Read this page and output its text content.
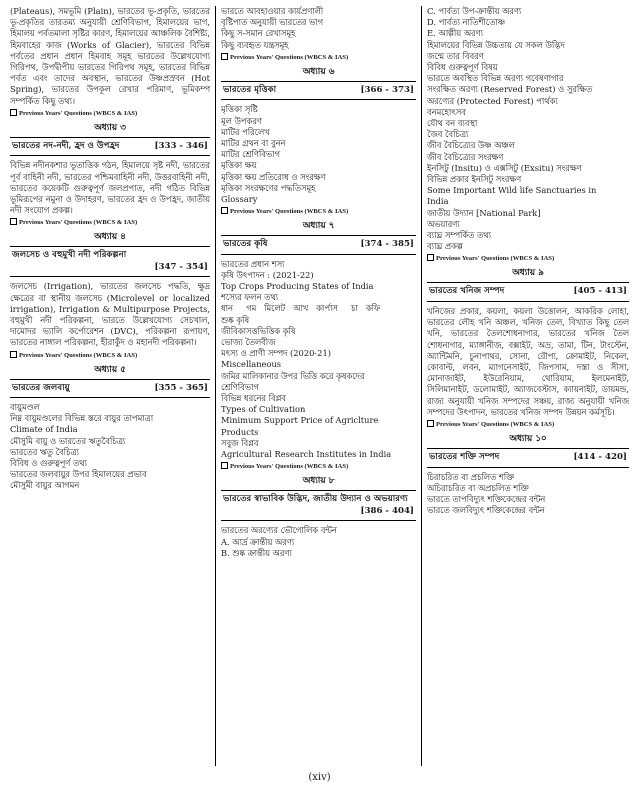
(Plateaus), সমভূমি (Plain), ভারতের ভূ-প্রকৃতি, ভারতের ভূ-প্রকৃতির তারতম্য অনুযায়ী শ্রেণিবিভাগ, হিমালয়ের ভাগ, হিমালয় পর্বতমালা সৃষ্টির কারণ, হিমালয়ের আঞ্চলিক বৈশিষ্ট্য, হিমবাহের কাজ (Works of Glacier), ভারতের বিভিন্ন পর্বতের প্রধান প্রধান হিমবাহ সমূহ ভারতের উল্লেখযোগ্য গিরিপথ, উপদ্বীপীয় ভারতের গিরিপথ সমূহ, ভারতের বিভিন্ন পর্বত এবং তাদের অবস্থান, ভারতের উষ্ণপ্রস্রবন (Hot Spring), ভারতের উপকূল রেখার পরিমাণ, ভূমিকম্প সম্পর্কিত কিছু তথ্য।
Previous Years' Questions (WBCS & IAS)
অধ্যায় ৩
ভারতের নদ-নদী, হ্রদ ও উপহ্রদ	[333 - 346]
বিভিন্ন নদীনকশার ভূতাত্তিক গঠন, হিমালয়ে সৃষ্ট নদী, ভারতের পূর্ব বাহিনী নদী, ভারতের পশ্চিমবাহিনী নদী, উত্তরবাহিনী নদী, ভারতের কয়েকটি গুরুত্বপূর্ণ জলপ্রপাত, নদী গঠিত বিভিন্ন ভূমিরূপের নমুনা ও উদাহরণ, ভারতের হ্রদ ও উপহ্রদ, জাতীয় নদী সংযোগ প্রকল্প।
Previous Years' Questions (WBCS & IAS)
অধ্যায় ৪
জলসেচ ও বহুমুখী নদী পরিকল্পনা
[347 - 354]
জলসেচ (Irrigation), ভারতের জলসেচ পদ্ধতি, ক্ষুদ্র ক্ষেত্রের বা স্থানীয় জলসেচ (Microlevel or localized irrigation), Irrigation & Multipurpose Projects, বহুমুখী নদী পরিকল্পনা, ভারতে উল্লেখযোগ্য সেচখাল, দামোদর ভ্যালি কর্পোরেশন (DVC), পরিকল্পনা রূপায়ণ, ভারতের নাঙ্গাল পরিকল্পনা, হীরাকুঁদ ও মহানদী পরিকল্পনা।
Previous Years' Questions (WBCS & IAS)
অধ্যায় ৫
ভারতের জলবায়ু	[355 - 365]
বায়ুমণ্ডল
নিম্ন বায়ুমণ্ডলের বিভিন্ন স্তরে বায়ুর তাপমাত্রা
Climate of India
মৌসুমি বায়ু ও ভারতের ঋতুবৈচিত্র্য
ভারতের ঋতু বৈচিত্র্য
বিবিধ ও গুরুত্বপূর্ণ তথ্য
ভারতের জলবায়ুর উপর হিমালয়ের প্রভাব
মৌসুমী বায়ুর আগমন
ভারতে আবহাওয়ার কার্যপ্রণালী
বৃষ্টিপাত অনুযায়ী ভারতের ভাগ
কিছু স-সমান রেখাসমূহ
কিছু ব্যবহৃত যন্ত্রসমূহ
Previous Years' Questions (WBCS & IAS)
অধ্যায় ৬
ভারতের মৃত্তিকা	[366 - 373]
মৃত্তিকা সৃষ্টি
মূল উপকরণ
মাটির পরিলেখ
মাটির গ্রথন বা বুনন
মাটির শ্রেণিবিভাগ
মৃত্তিকা ক্ষয়
মৃত্তিকা ক্ষয় প্রতিরোধ ও সংরক্ষণ
মৃত্তিকা সংরক্ষণের পদ্ধতিসমূহ
Glossary
Previous Years' Questions (WBCS & IAS)
অধ্যায় ৭
ভারতের কৃষি	[374 - 385]
ভারতের প্রধান শস্য
কৃষি উৎপাদন : (2021-22)
Top Crops Producing States of India
শস্যের ফলন তথ্য
ধান     গম   মিলেট   আখ   কার্পাস     চা   কফি
শুষ্ক কৃষি
জীবিকাসত্তভিত্তিক কৃষি
ভোজ্য তৈলবীজ
মৎস্য ও প্রাণী সম্পদ (2020-21)
Miscellaneous
জমির মালিকানার উপর ভিত্তি করে কৃষকদের
শ্রেণিবিভাগ
বিভিন্ন ধরনের বিপ্লব
Types of Cultivation
Minimum Support Price of Agriclture
Products
সবুজ বিপ্লব
Agricultural Research Institutes in India
Previous Years' Questions (WBCS & IAS)
অধ্যায় ৮
ভারতের স্বাভাবিক উদ্ভিদ, জাতীয় উদ্যান ও অভয়ারণ্য
[386 - 404]
ভারতের অরণ্যের ভৌগোলিক বন্টন
A. আর্দ্র ক্রান্তীয় অরণ্য
B. শুষ্ক ক্রান্তীয় অরণ্য
C. পার্বত্য উপ-ক্রান্তীয় অরণ্য
D. পার্বত্য নাতিশীতোষ্ণ
E. আল্পীয় অরণ্য
হিমালয়ের বিভিন্ন উচ্চতায় যে সকল উদ্ভিদ
জন্মে তার বিবরণ
বিবিধ গুরুত্বপূর্ণ বিষয়
ভারতে অবস্থিত বিভিন্ন অরণ্য গবেষণাগার
সংরক্ষিত অরণ্য (Reserved Forest) ও সুরক্ষিত
অরণ্যের (Protected Forest) পার্থক্য
বনমহোৎসব
যৌথ বন ব্যবস্থা
জৈব বৈচিত্র্য
জীব বৈচিত্র্যের উষ্ণ অঞ্চল
জীব বৈচিত্র্যের সংরক্ষণ
ইনসিটু (Insitu) ও এক্সসিটু (Exsitu) সংরক্ষণ
বিভিন্ন প্রকার ইনসিটু সংরক্ষণ
Some Important Wild life Sanctuaries in
India
জাতীয় উদ্যান [National Park]
অভয়ারণ্য
ব্যাঘ্র সম্পর্কিত তথ্য
ব্যাঘ্র প্রকল্প
Previous Years' Questions (WBCS & IAS)
অধ্যায় ৯
ভারতের খনিজ সম্পদ	[405 - 413]
খনিজের প্রকার, কয়লা, কয়লা উত্তোলন, আকরিক লোহা, ভারতের লৌহ খনি অঞ্চল, খনিজ তেল, বিখ্যাত কিছু তেল খনি, ভারতের তৈলশোধনাগার, ভারতের খনিজ তৈল শোধনাগার, ম্যাঙ্গানীজ, বক্সাইট, অভ্র, তামা, টিন, টাংস্টেন, অ্যান্টিমনি, চুনাপাথর, সোনা, রৌপ্য, ক্রোমাইট, নিকেল, কোবাল্ট, লবন, ম্যাগনেসাইট, জিপসাম, দস্তা ও সীসা, মোনাজাইট, ইউরেনিয়াম, থোরিয়াম, ইলমেনাইট, সিলিমানাইট, ডলোমাইট, অ্যাজবেস্টাস, ক্যায়নাইট, ডায়মন্ড, রাজ্য অনুযায়ী খনিজ সম্পদের সঞ্চয়, রাজ্য অনুযায়ী খনিজ সম্পদের উৎপাদন, ভারতের খনিজ সম্পদ উন্নয়ন কর্মসূচি।
Previous Years' Questions (WBCS & IAS)
অধ্যায় ১০
ভারতের শক্তি সম্পদ	[414 - 420]
চিরাচরিত বা প্রচলিত শক্তি
অচিরাচরিত বা অপ্রচলিত শক্তি
ভারতে তাপবিদ্যুৎ শক্তিকেন্দ্রের বন্টন
ভারতে জলবিদ্যুৎ শক্তিকেন্দ্রের বন্টন
(xiv)
